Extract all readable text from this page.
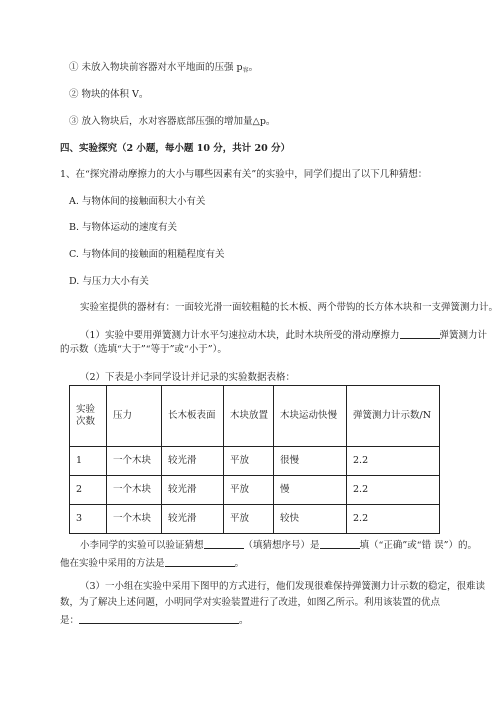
① 未放入物块前容器对水平地面的压强 $p_容$。
② 物块的体积 V。
③ 放入物块后，水对容器底部压强的增加量△p。
四、实验探究（2 小题，每小题 10 分，共计 20 分）
1、在“探究滑动摩擦力的大小与哪些因素有关”的实验中，同学们提出了以下几种猜想：
A. 与物体间的接触面积大小有关
B. 与物体运动的速度有关
C. 与物体间的接触面的粗糙程度有关
D. 与压力大小有关
实验室提供的器材有：一面较光滑一面较粗糙的长木板、两个带钩的长方体木块和一支弹簧测力计。
（1）实验中要用弹簧测力计水平匀速拉动木块，此时木块所受的滑动摩擦力	弹簧测力计
的示数（选填“大于”“等于”或“小于”）。
（2）下表是小李同学设计并记录的实验数据表格：
实验
次数	压力	长木板表面	木块放置	木块运动快慢	弹簧测力计示数/N
1	一个木块	较光滑	平放	很慢	2.2
2	一个木块	较光滑	平放	慢	2.2
3	一个木块	较光滑	平放	较快	2.2
小李同学的实验可以验证猜想	（填猜想序号）是	填（“正确”或“错 误”）的。
他在实验中采用的方法是	。
（3）一小组在实验中采用下图甲的方式进行，他们发现很难保持弹簧测力计示数的稳定，很难读
数，为了解决上述问题，小明同学对实验装置进行了改进，如图乙所示。利用该装置的优点
是：	。
